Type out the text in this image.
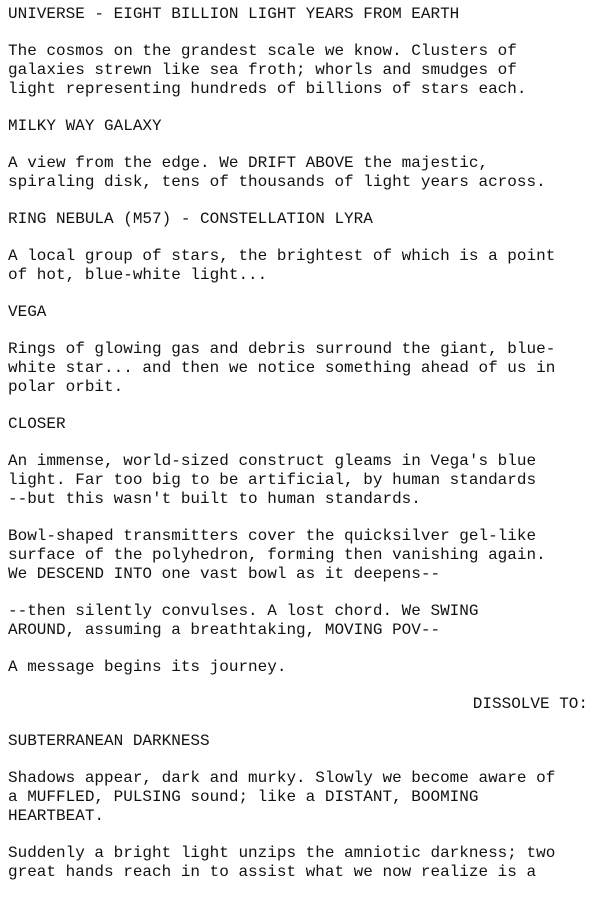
UNIVERSE - EIGHT BILLION LIGHT YEARS FROM EARTH
The cosmos on the grandest scale we know. Clusters of
galaxies strewn like sea froth; whorls and smudges of
light representing hundreds of billions of stars each.
MILKY WAY GALAXY
A view from the edge. We DRIFT ABOVE the majestic,
spiraling disk, tens of thousands of light years across.
RING NEBULA (M57) - CONSTELLATION LYRA
A local group of stars, the brightest of which is a point
of hot, blue-white light...
VEGA
Rings of glowing gas and debris surround the giant, blue-
white star... and then we notice something ahead of us in
polar orbit.
CLOSER
An immense, world-sized construct gleams in Vega's blue
light. Far too big to be artificial, by human standards
--but this wasn't built to human standards.
Bowl-shaped transmitters cover the quicksilver gel-like
surface of the polyhedron, forming then vanishing again.
We DESCEND INTO one vast bowl as it deepens--
--then silently convulses. A lost chord. We SWING
AROUND, assuming a breathtaking, MOVING POV--
A message begins its journey.
DISSOLVE TO:
SUBTERRANEAN DARKNESS
Shadows appear, dark and murky. Slowly we become aware of
a MUFFLED, PULSING sound; like a DISTANT, BOOMING
HEARTBEAT.
Suddenly a bright light unzips the amniotic darkness; two
great hands reach in to assist what we now realize is a
